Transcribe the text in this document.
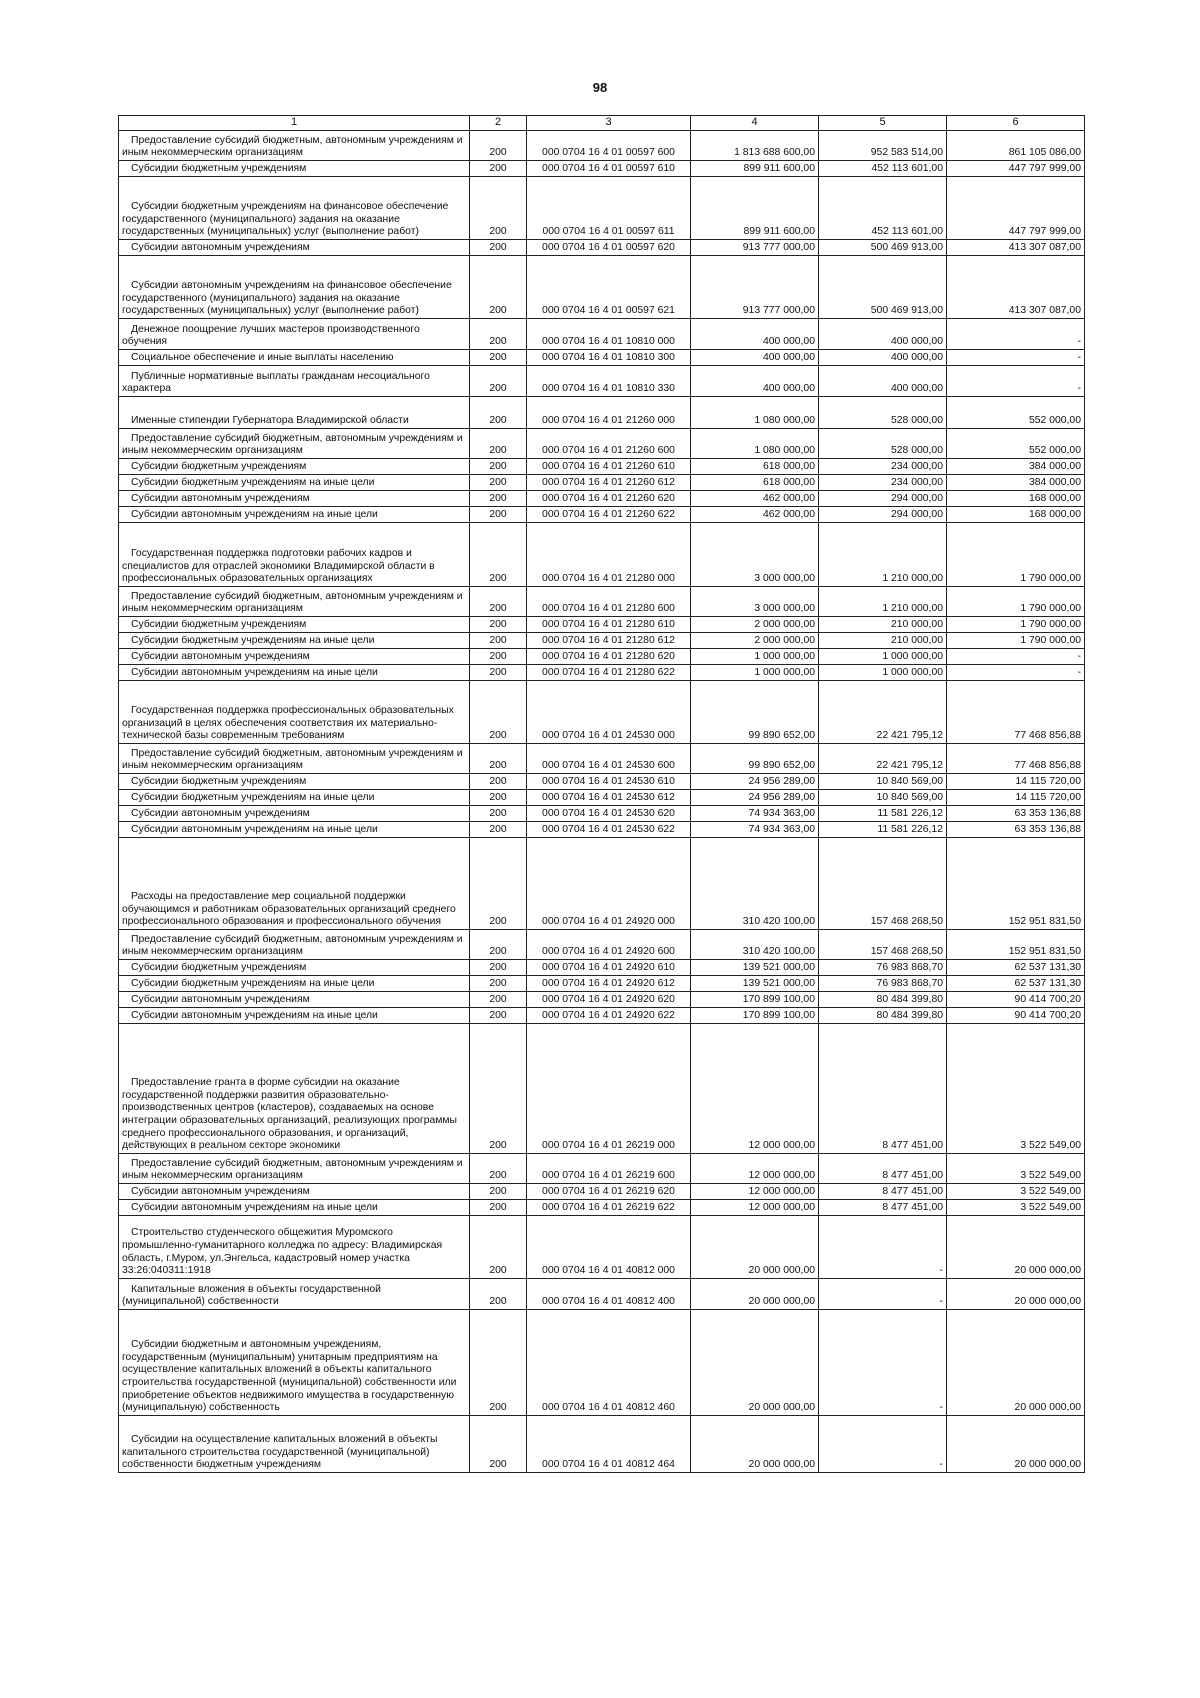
98
1	2	3	4	5	6
Предоставление субсидий бюджетным, автономным учреждениям и иным некоммерческим организациям	200	000 0704 16 4 01 00597 600	1 813 688 600,00	952 583 514,00	861 105 086,00
Субсидии бюджетным учреждениям	200	000 0704 16 4 01 00597 610	899 911 600,00	452 113 601,00	447 797 999,00
Субсидии бюджетным учреждениям на финансовое обеспечение государственного (муниципального) задания на оказание государственных (муниципальных) услуг (выполнение работ)	200	000 0704 16 4 01 00597 611	899 911 600,00	452 113 601,00	447 797 999,00
Субсидии автономным учреждениям	200	000 0704 16 4 01 00597 620	913 777 000,00	500 469 913,00	413 307 087,00
Субсидии автономным учреждениям на финансовое обеспечение государственного (муниципального) задания на оказание государственных (муниципальных) услуг (выполнение работ)	200	000 0704 16 4 01 00597 621	913 777 000,00	500 469 913,00	413 307 087,00
Денежное поощрение лучших мастеров производственного обучения	200	000 0704 16 4 01 10810 000	400 000,00	400 000,00	-
Социальное обеспечение и иные выплаты населению	200	000 0704 16 4 01 10810 300	400 000,00	400 000,00	-
Публичные нормативные выплаты гражданам несоциального характера	200	000 0704 16 4 01 10810 330	400 000,00	400 000,00	-
Именные стипендии Губернатора Владимирской области	200	000 0704 16 4 01 21260 000	1 080 000,00	528 000,00	552 000,00
Предоставление субсидий бюджетным, автономным учреждениям и иным некоммерческим организациям	200	000 0704 16 4 01 21260 600	1 080 000,00	528 000,00	552 000,00
Субсидии бюджетным учреждениям	200	000 0704 16 4 01 21260 610	618 000,00	234 000,00	384 000,00
Субсидии бюджетным учреждениям на иные цели	200	000 0704 16 4 01 21260 612	618 000,00	234 000,00	384 000,00
Субсидии автономным учреждениям	200	000 0704 16 4 01 21260 620	462 000,00	294 000,00	168 000,00
Субсидии автономным учреждениям на иные цели	200	000 0704 16 4 01 21260 622	462 000,00	294 000,00	168 000,00
Государственная поддержка подготовки рабочих кадров и специалистов для отраслей экономики Владимирской области в профессиональных образовательных организациях	200	000 0704 16 4 01 21280 000	3 000 000,00	1 210 000,00	1 790 000,00
Предоставление субсидий бюджетным, автономным учреждениям и иным некоммерческим организациям	200	000 0704 16 4 01 21280 600	3 000 000,00	1 210 000,00	1 790 000,00
Субсидии бюджетным учреждениям	200	000 0704 16 4 01 21280 610	2 000 000,00	210 000,00	1 790 000,00
Субсидии бюджетным учреждениям на иные цели	200	000 0704 16 4 01 21280 612	2 000 000,00	210 000,00	1 790 000,00
Субсидии автономным учреждениям	200	000 0704 16 4 01 21280 620	1 000 000,00	1 000 000,00	-
Субсидии автономным учреждениям на иные цели	200	000 0704 16 4 01 21280 622	1 000 000,00	1 000 000,00	-
Государственная поддержка профессиональных образовательных организаций в целях обеспечения соответствия их материально-технической базы современным требованиям	200	000 0704 16 4 01 24530 000	99 890 652,00	22 421 795,12	77 468 856,88
Предоставление субсидий бюджетным, автономным учреждениям и иным некоммерческим организациям	200	000 0704 16 4 01 24530 600	99 890 652,00	22 421 795,12	77 468 856,88
Субсидии бюджетным учреждениям	200	000 0704 16 4 01 24530 610	24 956 289,00	10 840 569,00	14 115 720,00
Субсидии бюджетным учреждениям на иные цели	200	000 0704 16 4 01 24530 612	24 956 289,00	10 840 569,00	14 115 720,00
Субсидии автономным учреждениям	200	000 0704 16 4 01 24530 620	74 934 363,00	11 581 226,12	63 353 136,88
Субсидии автономным учреждениям на иные цели	200	000 0704 16 4 01 24530 622	74 934 363,00	11 581 226,12	63 353 136,88
Расходы на предоставление мер социальной поддержки обучающимся и работникам образовательных организаций среднего профессионального образования и профессионального обучения	200	000 0704 16 4 01 24920 000	310 420 100,00	157 468 268,50	152 951 831,50
Предоставление субсидий бюджетным, автономным учреждениям и иным некоммерческим организациям	200	000 0704 16 4 01 24920 600	310 420 100,00	157 468 268,50	152 951 831,50
Субсидии бюджетным учреждениям	200	000 0704 16 4 01 24920 610	139 521 000,00	76 983 868,70	62 537 131,30
Субсидии бюджетным учреждениям на иные цели	200	000 0704 16 4 01 24920 612	139 521 000,00	76 983 868,70	62 537 131,30
Субсидии автономным учреждениям	200	000 0704 16 4 01 24920 620	170 899 100,00	80 484 399,80	90 414 700,20
Субсидии автономным учреждениям на иные цели	200	000 0704 16 4 01 24920 622	170 899 100,00	80 484 399,80	90 414 700,20
Предоставление гранта в форме субсидии на оказание государственной поддержки развития образовательно-производственных центров (кластеров), создаваемых на основе интеграции образовательных организаций, реализующих программы среднего профессионального образования, и организаций, действующих в реальном секторе экономики	200	000 0704 16 4 01 26219 000	12 000 000,00	8 477 451,00	3 522 549,00
Предоставление субсидий бюджетным, автономным учреждениям и иным некоммерческим организациям	200	000 0704 16 4 01 26219 600	12 000 000,00	8 477 451,00	3 522 549,00
Субсидии автономным учреждениям	200	000 0704 16 4 01 26219 620	12 000 000,00	8 477 451,00	3 522 549,00
Субсидии автономным учреждениям на иные цели	200	000 0704 16 4 01 26219 622	12 000 000,00	8 477 451,00	3 522 549,00
Строительство студенческого общежития Муромского промышленно-гуманитарного колледжа по адресу: Владимирская область, г.Муром, ул.Энгельса, кадастровый номер участка 33:26:040311:1918	200	000 0704 16 4 01 40812 000	20 000 000,00	-	20 000 000,00
Капитальные вложения в объекты государственной (муниципальной) собственности	200	000 0704 16 4 01 40812 400	20 000 000,00	-	20 000 000,00
Субсидии бюджетным и автономным учреждениям, государственным (муниципальным) унитарным предприятиям на осуществление капитальных вложений в объекты капитального строительства государственной (муниципальной) собственности или приобретение объектов недвижимого имущества в государственную (муниципальную) собственность	200	000 0704 16 4 01 40812 460	20 000 000,00	-	20 000 000,00
Субсидии на осуществление капитальных вложений в объекты капитального строительства государственной (муниципальной) собственности бюджетным учреждениям	200	000 0704 16 4 01 40812 464	20 000 000,00	-	20 000 000,00
